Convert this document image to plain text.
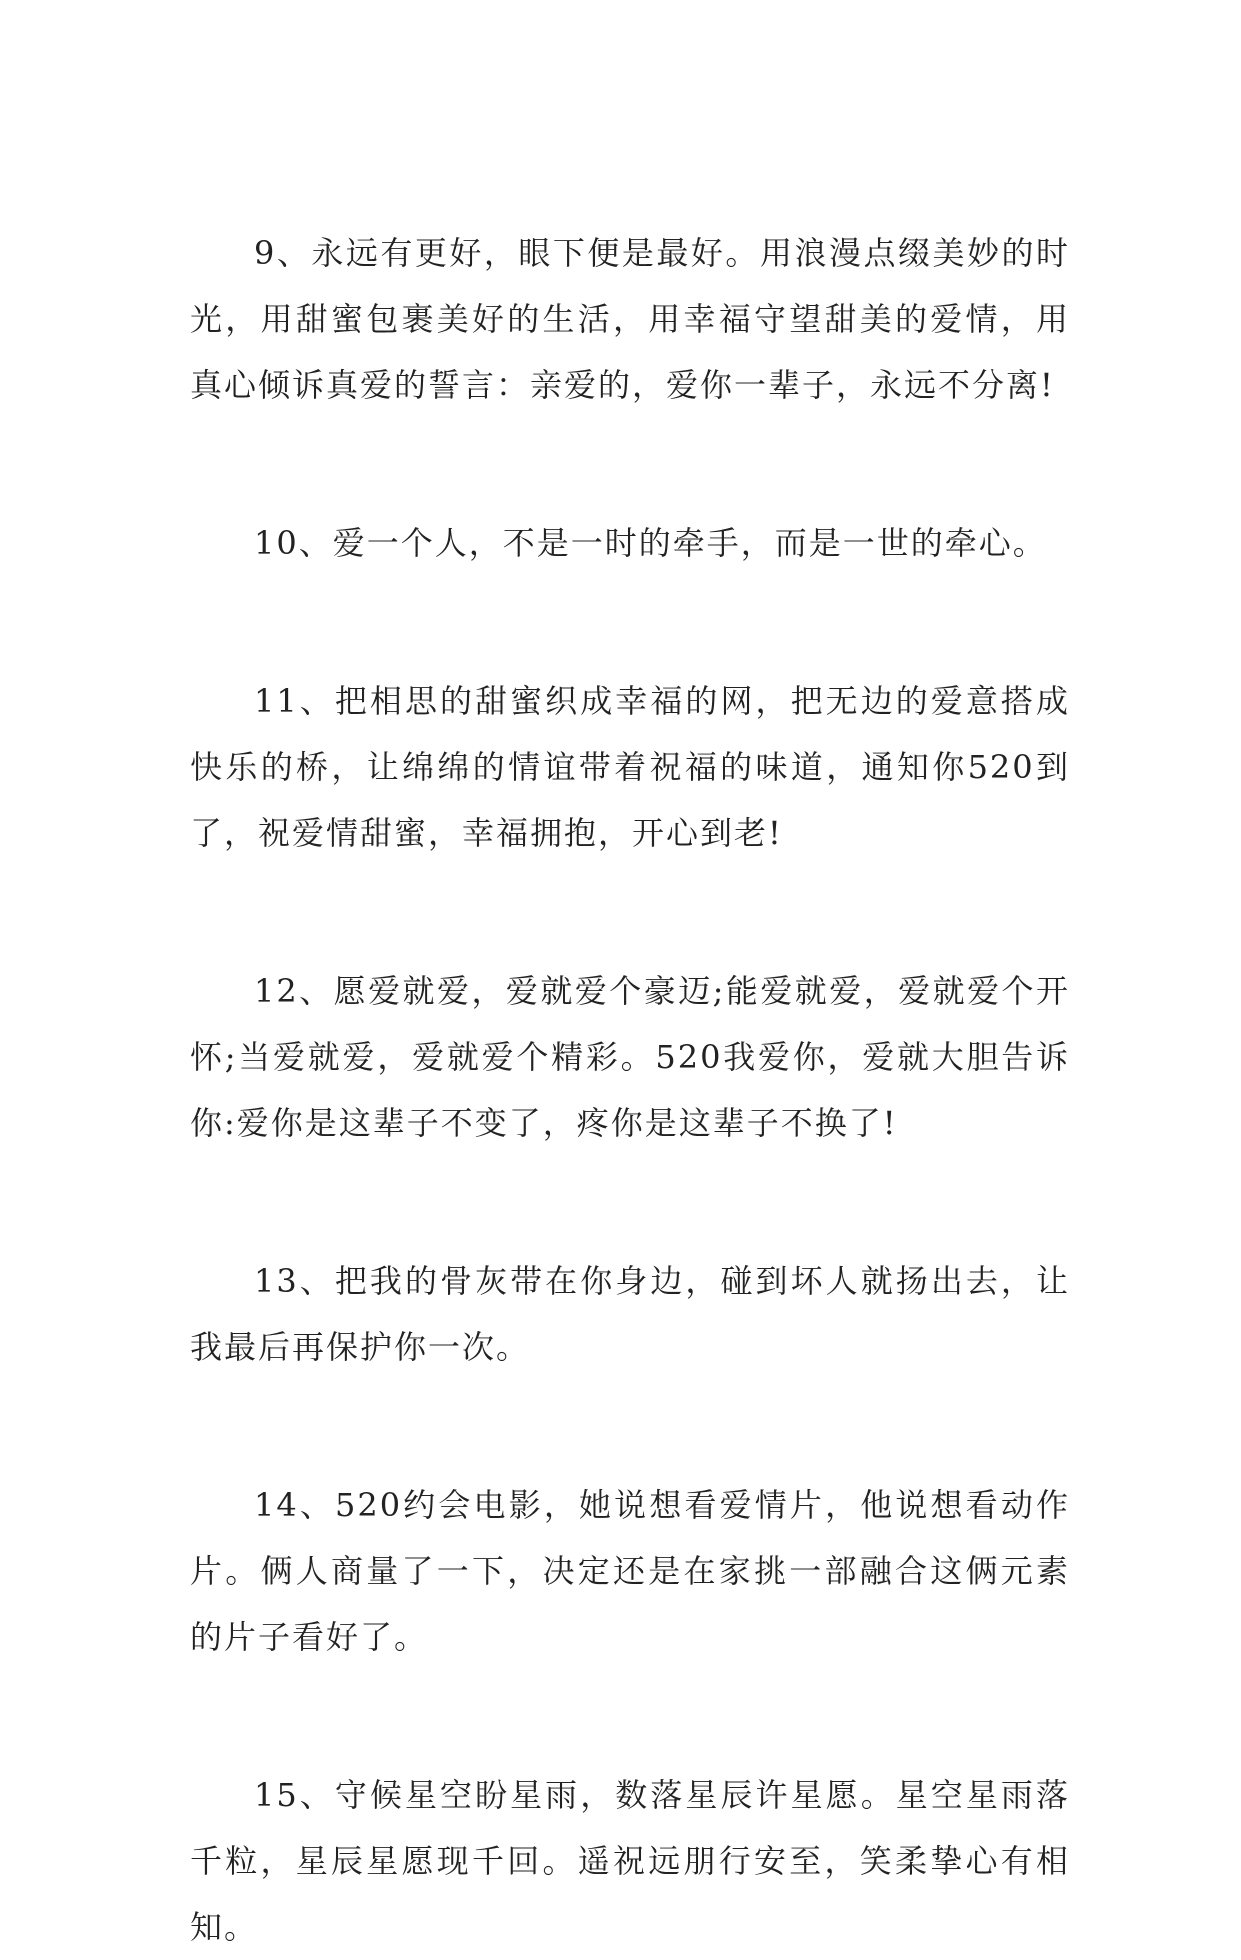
9、永远有更好，眼下便是最好。用浪漫点缀美妙的时光，用甜蜜包裹美好的生活，用幸福守望甜美的爱情，用真心倾诉真爱的誓言：亲爱的，爱你一辈子，永远不分离!

10、爱一个人，不是一时的牵手，而是一世的牵心。

11、把相思的甜蜜织成幸福的网，把无边的爱意搭成快乐的桥，让绵绵的情谊带着祝福的味道，通知你520到了，祝爱情甜蜜，幸福拥抱，开心到老!

12、愿爱就爱，爱就爱个豪迈;能爱就爱，爱就爱个开怀;当爱就爱，爱就爱个精彩。520我爱你，爱就大胆告诉你:爱你是这辈子不变了，疼你是这辈子不换了!

13、把我的骨灰带在你身边，碰到坏人就扬出去，让我最后再保护你一次。

14、520约会电影，她说想看爱情片，他说想看动作片。俩人商量了一下，决定还是在家挑一部融合这俩元素的片子看好了。

15、守候星空盼星雨，数落星辰许星愿。星空星雨落千粒，星辰星愿现千回。遥祝远朋行安至，笑柔挚心有相知。
